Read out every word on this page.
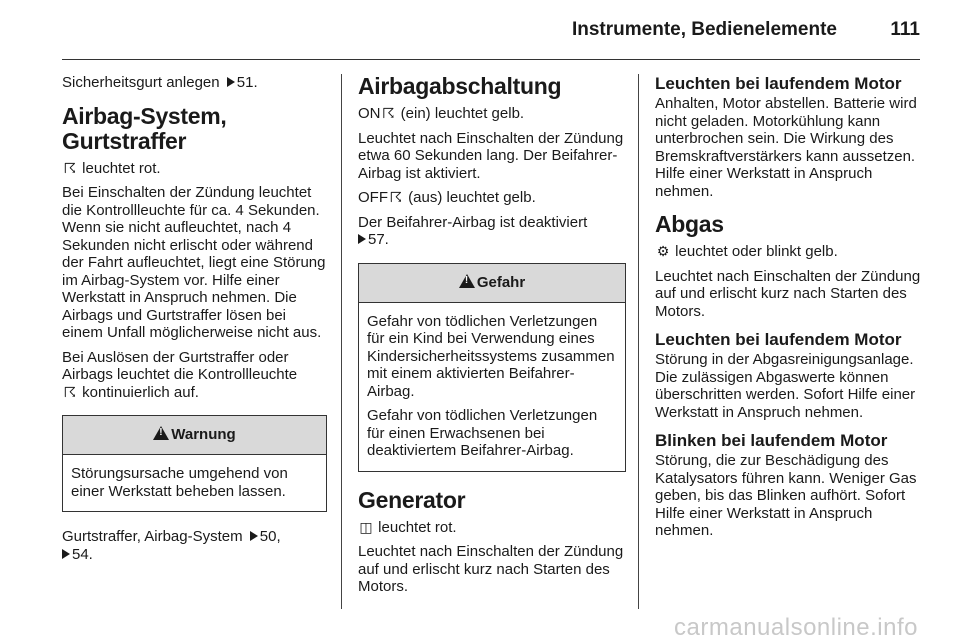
Instrumente, Bedienelemente	111

Sicherheitsgurt anlegen 51.

Airbag-System, Gurtstraffer

☈ leuchtet rot.

Bei Einschalten der Zündung leuchtet die Kontrollleuchte für ca. 4 Sekunden. Wenn sie nicht aufleuchtet, nach 4 Sekunden nicht erlischt oder während der Fahrt aufleuchtet, liegt eine Störung im Airbag-System vor. Hilfe einer Werkstatt in Anspruch nehmen. Die Airbags und Gurtstraffer lösen bei einem Unfall möglicherweise nicht aus.

Bei Auslösen der Gurtstraffer oder Airbags leuchtet die Kontrollleuchte
☈ kontinuierlich auf.

!Warnung

Störungsursache umgehend von einer Werkstatt beheben lassen.

Gurtstraffer, Airbag-System 50,
54.

Airbagabschaltung

ON ☈ (ein) leuchtet gelb.

Leuchtet nach Einschalten der Zündung etwa 60 Sekunden lang. Der Beifahrer-Airbag ist aktiviert.

OFF ☈ (aus) leuchtet gelb.

Der Beifahrer-Airbag ist deaktiviert
57.

!Gefahr

Gefahr von tödlichen Verletzungen für ein Kind bei Verwendung eines Kindersicherheitssystems zusammen mit einem aktivierten Beifahrer-Airbag.

Gefahr von tödlichen Verletzungen für einen Erwachsenen bei deaktiviertem Beifahrer-Airbag.

Generator

◫ leuchtet rot.

Leuchtet nach Einschalten der Zündung auf und erlischt kurz nach Starten des Motors.

Leuchten bei laufendem Motor

Anhalten, Motor abstellen. Batterie wird nicht geladen. Motorkühlung kann unterbrochen sein. Die Wirkung des Bremskraftverstärkers kann aussetzen. Hilfe einer Werkstatt in Anspruch nehmen.

Abgas

⚙ leuchtet oder blinkt gelb.

Leuchtet nach Einschalten der Zündung auf und erlischt kurz nach Starten des Motors.

Leuchten bei laufendem Motor

Störung in der Abgasreinigungsanlage. Die zulässigen Abgaswerte können überschritten werden. Sofort Hilfe einer Werkstatt in Anspruch nehmen.

Blinken bei laufendem Motor

Störung, die zur Beschädigung des Katalysators führen kann. Weniger Gas geben, bis das Blinken aufhört. Sofort Hilfe einer Werkstatt in Anspruch nehmen.

carmanualsonline.info
